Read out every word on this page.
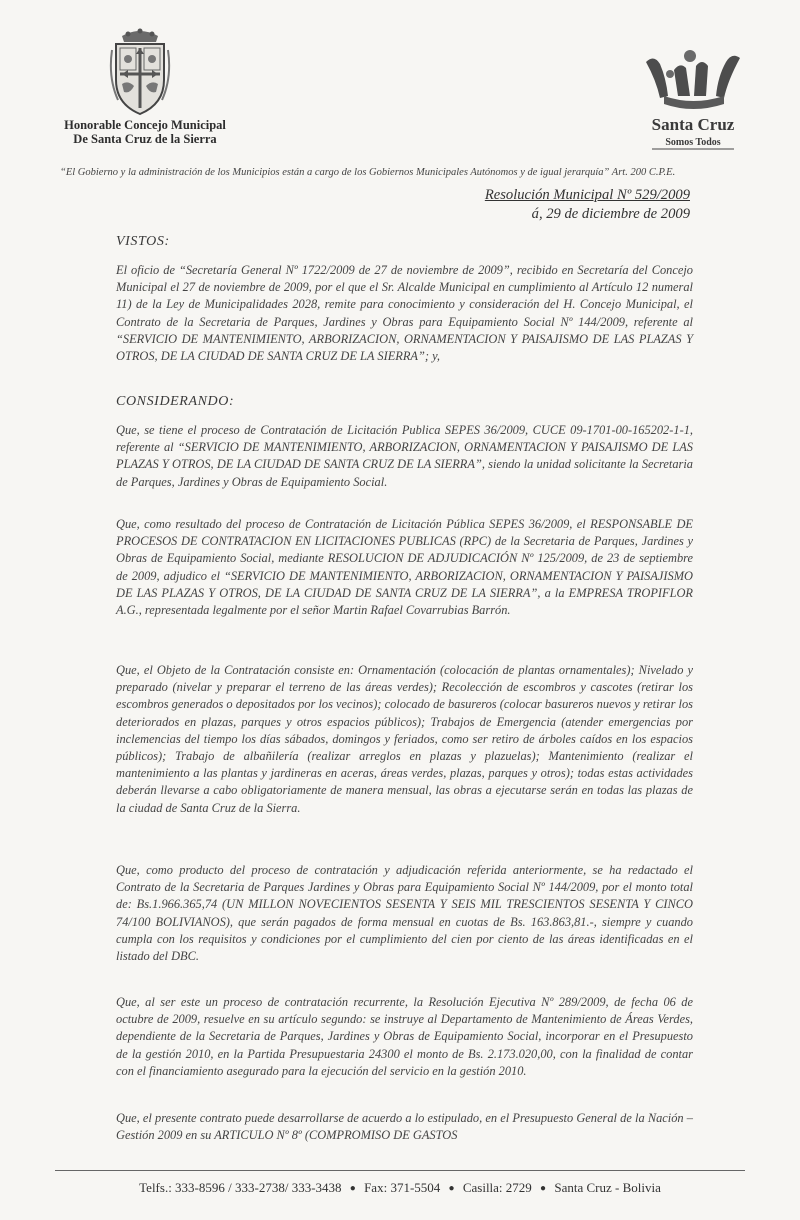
Honorable Concejo Municipal
De Santa Cruz de la Sierra
Santa Cruz
Somos Todos
“El Gobierno y la administración de los Municipios están a cargo de los Gobiernos Municipales Autónomos y de igual jerarquía” Art. 200 C.P.E.
Resolución Municipal Nº 529/2009
á, 29 de diciembre de 2009
VISTOS:
El oficio de “Secretaría General Nº 1722/2009 de 27 de noviembre de 2009”, recibido en Secretaría del Concejo Municipal el 27 de noviembre de 2009, por el que el Sr. Alcalde Municipal en cumplimiento al Artículo 12 numeral 11) de la Ley de Municipalidades 2028, remite para conocimiento y consideración del H. Concejo Municipal, el Contrato de la Secretaria de Parques, Jardines y Obras para Equipamiento Social Nº 144/2009, referente al “SERVICIO DE MANTENIMIENTO, ARBORIZACION, ORNAMENTACION Y PAISAJISMO DE LAS PLAZAS Y OTROS, DE LA CIUDAD DE SANTA CRUZ DE LA SIERRA”; y,
CONSIDERANDO:
Que, se tiene el proceso de Contratación de Licitación Publica SEPES 36/2009, CUCE 09-1701-00-165202-1-1, referente al “SERVICIO DE MANTENIMIENTO, ARBORIZACION, ORNAMENTACION Y PAISAJISMO DE LAS PLAZAS Y OTROS, DE LA CIUDAD DE SANTA CRUZ DE LA SIERRA”, siendo la unidad solicitante la Secretaria de Parques, Jardines y Obras de Equipamiento Social.
Que, como resultado del proceso de Contratación de Licitación Pública SEPES 36/2009, el RESPONSABLE DE PROCESOS DE CONTRATACION EN LICITACIONES PUBLICAS (RPC) de la Secretaria de Parques, Jardines y Obras de Equipamiento Social, mediante RESOLUCION DE ADJUDICACIÓN Nº 125/2009, de 23 de septiembre de 2009, adjudico el “SERVICIO DE MANTENIMIENTO, ARBORIZACION, ORNAMENTACION Y PAISAJISMO DE LAS PLAZAS Y OTROS, DE LA CIUDAD DE SANTA CRUZ DE LA SIERRA”, a la EMPRESA TROPIFLOR A.G., representada legalmente por el señor Martin Rafael Covarrubias Barrón.
Que, el Objeto de la Contratación consiste en: Ornamentación (colocación de plantas ornamentales); Nivelado y preparado (nivelar y preparar el terreno de las áreas verdes); Recolección de escombros y cascotes (retirar los escombros generados o depositados por los vecinos); colocado de basureros (colocar basureros nuevos y retirar los deteriorados en plazas, parques y otros espacios públicos); Trabajos de Emergencia (atender emergencias por inclemencias del tiempo los días sábados, domingos y feriados, como ser retiro de árboles caídos en los espacios públicos); Trabajo de albañilería (realizar arreglos en plazas y plazuelas); Mantenimiento (realizar el mantenimiento a las plantas y jardineras en aceras, áreas verdes, plazas, parques y otros); todas estas actividades deberán llevarse a cabo obligatoriamente de manera mensual, las obras a ejecutarse serán en todas las plazas de la ciudad de Santa Cruz de la Sierra.
Que, como producto del proceso de contratación y adjudicación referida anteriormente, se ha redactado el Contrato de la Secretaria de Parques Jardines y Obras para Equipamiento Social Nº 144/2009, por el monto total de: Bs.1.966.365,74 (UN MILLON NOVECIENTOS SESENTA Y SEIS MIL TRESCIENTOS SESENTA Y CINCO 74/100 BOLIVIANOS), que serán pagados de forma mensual en cuotas de Bs. 163.863,81.-, siempre y cuando cumpla con los requisitos y condiciones por el cumplimiento del cien por ciento de las áreas identificadas en el listado del DBC.
Que, al ser este un proceso de contratación recurrente, la Resolución Ejecutiva Nº 289/2009, de fecha 06 de octubre de 2009, resuelve en su artículo segundo: se instruye al Departamento de Mantenimiento de Áreas Verdes, dependiente de la Secretaria de Parques, Jardines y Obras de Equipamiento Social, incorporar en el Presupuesto de la gestión 2010, en la Partida Presupuestaria 24300 el monto de Bs. 2.173.020,00, con la finalidad de contar con el financiamiento asegurado para la ejecución del servicio en la gestión 2010.
Que, el presente contrato puede desarrollarse de acuerdo a lo estipulado, en el Presupuesto General de la Nación – Gestión 2009 en su ARTICULO Nº 8º (COMPROMISO DE GASTOS
Telfs.: 333-8596 / 333-2738/ 333-3438 ● Fax: 371-5504 ● Casilla: 2729 ● Santa Cruz - Bolivia
